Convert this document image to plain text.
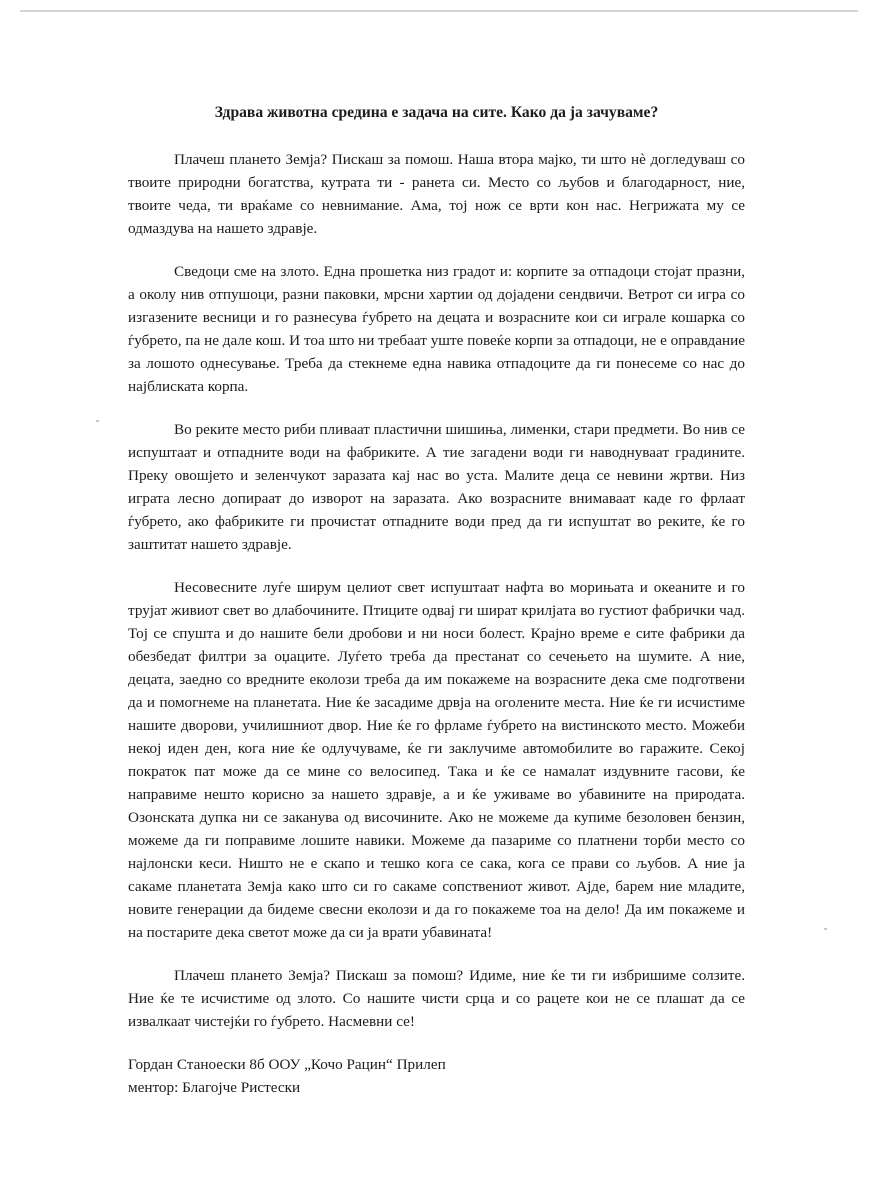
Здрава животна средина е задача на сите. Како да ја зачуваме?

Плачеш планетo Земја? Пискаш за помош. Наша втора мајко, ти што нè догледуваш со твоите природни богатства, кутрата ти - ранета си. Место со љубов и благодарност, ние, твоите чеда, ти враќаме со невнимание. Ама, тој нож се врти кон нас. Негрижата му се одмаздува на нашето здравје.

Сведоци сме на злото. Една прошетка низ градот и: корпите за отпадоци стојат празни, а околу нив отпушоци, разни паковки, мрсни хартии од дојадени сендвичи. Ветрот си игра со изгазените весници и го разнесува ѓубрето на децата и возрасните кои си играле кошарка со ѓубрето, па не дале кош. И тоа што ни требаат уште повеќе корпи за отпадоци, не е оправдание за лошото однесување. Треба да стекнеме една навика отпадоците да ги понесеме со нас до најблиската корпа.

Во реките место риби пливаат пластични шишиња, лименки, стари предмети. Во нив се испуштаат и отпадните води на фабриките. А тие загадени води ги наводнуваат градините. Преку овошјето и зеленчукот заразата кај нас во уста. Малите деца се невини жртви. Низ играта лесно допираат до изворот на заразата. Ако возрасните внимаваат каде го фрлаат ѓубрето, ако фабриките ги прочистат отпадните води пред да ги испуштат во реките, ќе го заштитат нашето здравје.

Несовесните луѓе ширум целиот свет испуштаат нафта во морињата и океаните и го трујат живиот свет во длабочините. Птиците одвај ги шират крилјата во густиот фабрички чад. Тој се спушта и до нашите бели дробови и ни носи болест. Крајно време е сите фабрики да обезбедат филтри за оџаците. Луѓето треба да престанат со сечењето на шумите. А ние, децата, заедно со вредните еколози треба да им покажеме на возрасните дека сме подготвени да и помогнеме на планетата. Ние ќе засадиме дрвја на оголените места. Ние ќе ги исчистиме нашите дворови, училишниот двор. Ние ќе го фрламе ѓубрето на вистинското место. Можеби некој иден ден, кога ние ќе одлучуваме, ќе ги заклучиме автомобилите во гаражите. Секој пократок пат може да се мине со велосипед. Така и ќе се намалат издувните гасови, ќе направиме нешто корисно за нашето здравје, а и ќе уживаме во убавините на природата. Озонската дупка ни се заканува од височините. Ако не можеме да купиме безоловен бензин, можеме да ги поправиме лошите навики. Можеме да пазариме со платнени торби место со најлонски кеси. Ништо не е скапо и тешко кога се сака, кога се прави со љубов. А ние ја сакаме планетата Земја како што си го сакаме сопствениот живот. Ајде, барем ние младите, новите генерации да бидеме свесни еколози и да го покажеме тоа на дело! Да им покажеме и на постарите дека светот може да си ја врати убавината!

Плачеш планетo Земја? Пискаш за помош? Идиме, ние ќе ти ги избришиме солзите. Ние ќе те исчистиме од злото. Со нашите чисти срца и со рацете кои не се плашат да се извалкаат чистејќи го ѓубрето. Насмевни се!

Гордан Станоески 8б ООУ „Кочо Рацин“ Прилеп

ментор: Благојче Ристески
